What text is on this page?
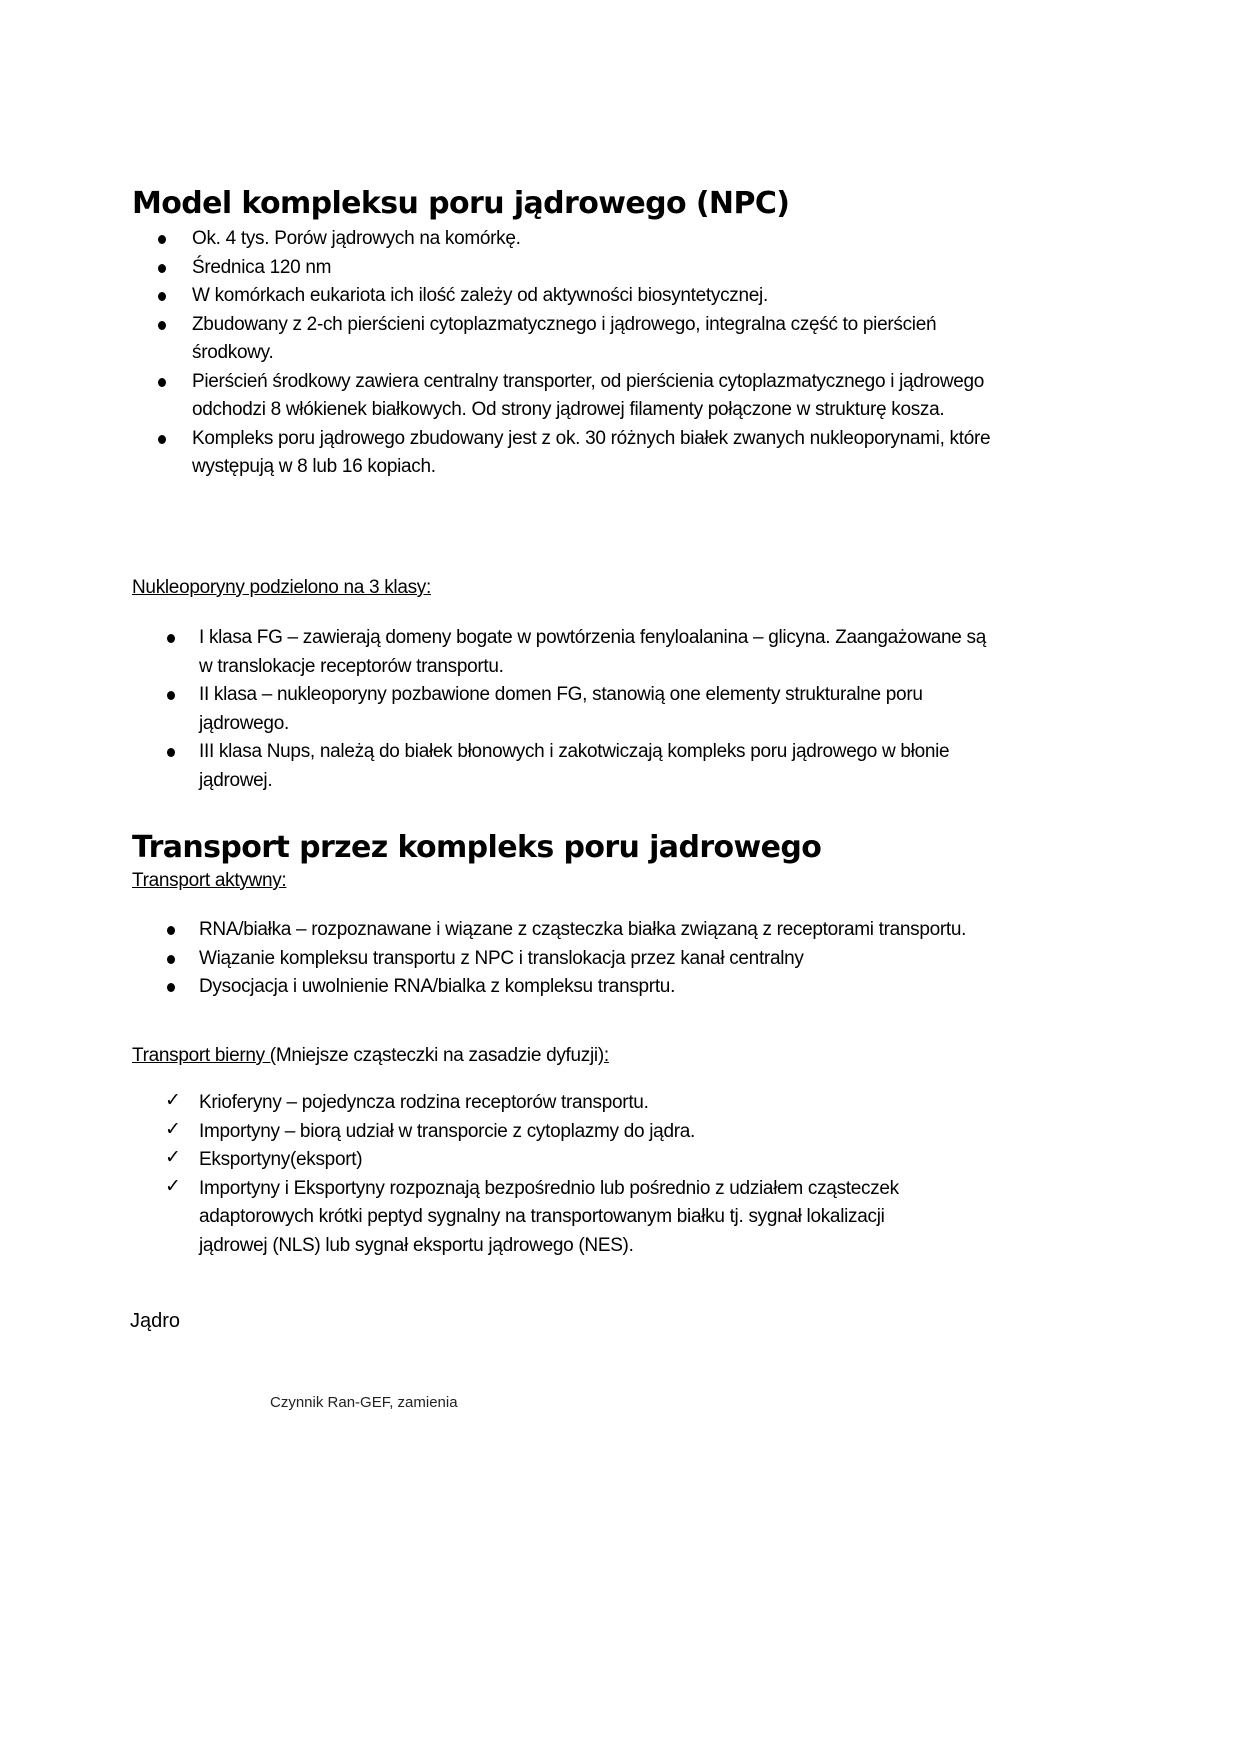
Model kompleksu poru jądrowego (NPC)
Ok. 4 tys. Porów jądrowych na komórkę.
Średnica 120 nm
W komórkach eukariota ich ilość zależy od aktywności biosyntetycznej.
Zbudowany z 2-ch pierścieni cytoplazmatycznego i jądrowego, integralna część to pierścień środkowy.
Pierścień środkowy zawiera centralny transporter, od pierścienia cytoplazmatycznego i jądrowego odchodzi 8 włókienek białkowych. Od strony jądrowej filamenty połączone w strukturę kosza.
Kompleks poru jądrowego zbudowany jest z ok. 30 różnych białek zwanych nukleoporynami, które występują w 8 lub 16 kopiach.
Nukleoporyny podzielono na 3 klasy:
I klasa FG – zawierają domeny bogate w powtórzenia fenyloalanina – glicyna. Zaangażowane są w translokacje receptorów transportu.
II klasa – nukleoporyny pozbawione domen FG, stanowią one elementy strukturalne poru jądrowego.
III klasa Nups, należą do białek błonowych i zakotwiczają kompleks poru jądrowego w błonie jądrowej.
Transport przez kompleks poru jadrowego
Transport aktywny:
RNA/białka – rozpoznawane i wiązane z cząsteczka białka związaną z receptorami transportu.
Wiązanie kompleksu transportu z NPC i translokacja przez kanał centralny
Dysocjacja i uwolnienie RNA/bialka z kompleksu transprtu.
Transport bierny (Mniejsze cząsteczki na zasadzie dyfuzji):
✓ Krioferyny – pojedyncza rodzina receptorów transportu.
✓ Importyny – biorą udział w transporcie z cytoplazmy do jądra.
✓ Eksportyny(eksport)
✓ Importyny i Eksportyny rozpoznają bezpośrednio lub pośrednio z udziałem cząsteczek adaptorowych krótki peptyd sygnalny na transportowanym białku tj. sygnał lokalizacji jądrowej (NLS) lub sygnał eksportu jądrowego (NES).
Jądro
Czynnik Ran-GEF, zamienia
